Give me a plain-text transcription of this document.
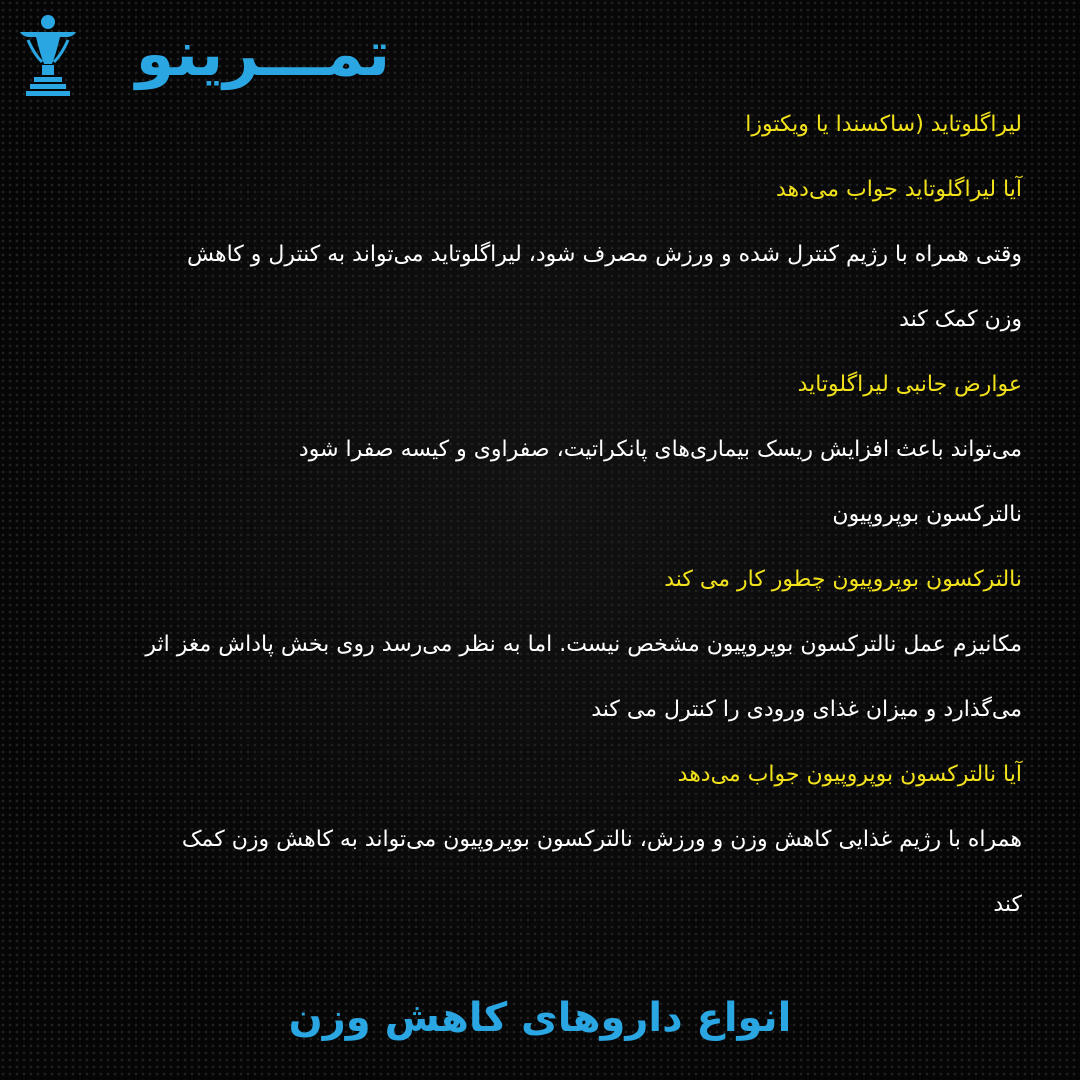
تمـــرینو
لیراگلوتاید (ساکسندا یا ویکتوزا
آیا لیراگلوتاید جواب می‌دهد
وقتی همراه با رژیم کنترل شده و ورزش مصرف شود، لیراگلوتاید می‌تواند به کنترل و کاهش
وزن کمک کند
عوارض جانبی لیراگلوتاید
می‌تواند باعث افزایش ریسک بیماری‌های پانکراتیت، صفراوی و کیسه صفرا شود
نالترکسون بوپروپیون
نالترکسون بوپروپیون چطور کار می کند
مکانیزم عمل نالترکسون بوپروپیون مشخص نیست. اما به نظر می‌رسد روی بخش پاداش مغز اثر
می‌گذارد و میزان غذای ورودی را کنترل می کند
آیا نالترکسون بوپروپیون جواب می‌دهد
همراه با رژیم غذایی کاهش وزن و ورزش، نالترکسون بوپروپیون می‌تواند به کاهش وزن کمک
کند
انواع داروهای کاهش وزن
